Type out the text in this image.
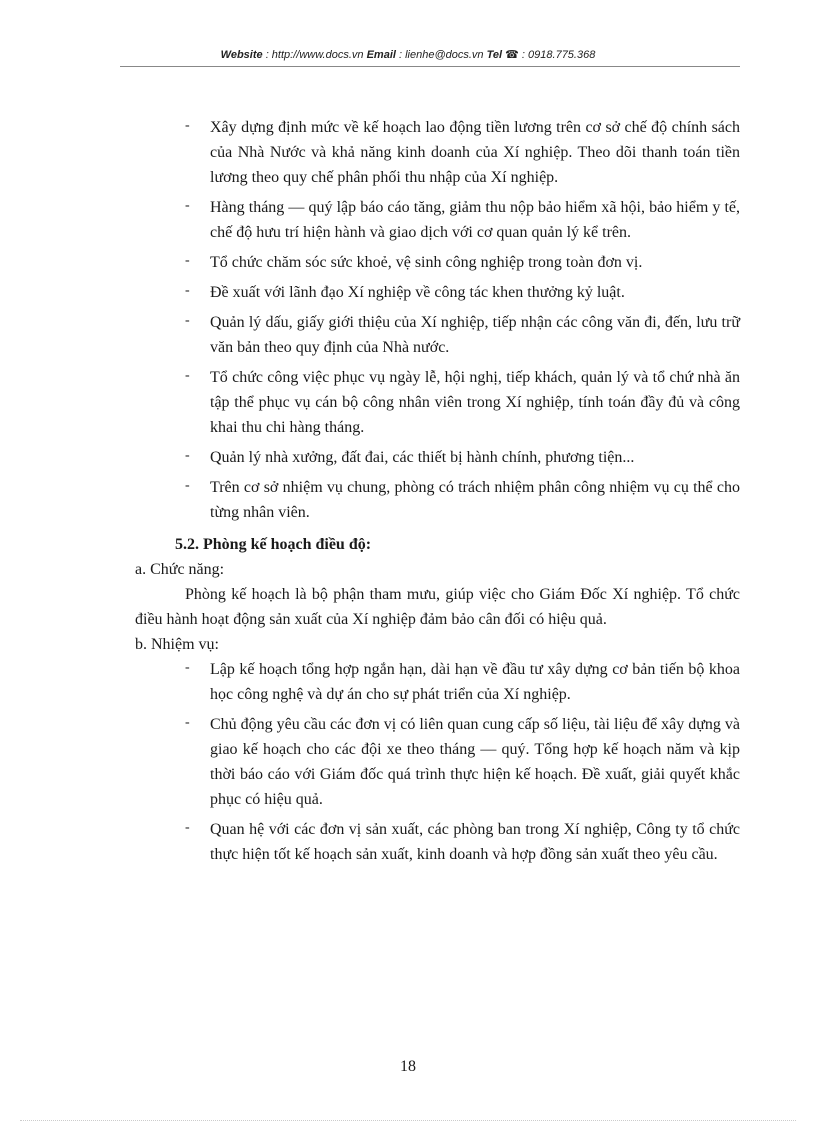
Website : http://www.docs.vn Email : lienhe@docs.vn Tel ☎ : 0918.775.368
- Xây dựng định mức về kế hoạch lao động tiền lương trên cơ sở chế độ chính sách của Nhà Nước và khả năng kinh doanh của Xí nghiệp. Theo dõi thanh toán tiền lương theo quy chế phân phối thu nhập của Xí nghiệp.
- Hàng tháng — quý lập báo cáo tăng, giảm thu nộp bảo hiểm xã hội, bảo hiểm y tế, chế độ hưu trí hiện hành và giao dịch với cơ quan quản lý kể trên.
- Tổ chức chăm sóc sức khoẻ, vệ sinh công nghiệp trong toàn đơn vị.
- Đề xuất với lãnh đạo Xí nghiệp về công tác khen thưởng kỷ luật.
- Quản lý dấu, giấy giới thiệu của Xí nghiệp, tiếp nhận các công văn đi, đến, lưu trữ văn bản theo quy định của Nhà nước.
- Tổ chức công việc phục vụ ngày lễ, hội nghị, tiếp khách, quản lý và tổ chứ nhà ăn tập thể phục vụ cán bộ công nhân viên trong Xí nghiệp, tính toán đầy đủ và công khai thu chi hàng tháng.
- Quản lý nhà xưởng, đất đai, các thiết bị hành chính, phương tiện...
- Trên cơ sở nhiệm vụ chung, phòng có trách nhiệm phân công nhiệm vụ cụ thể cho từng nhân viên.
5.2. Phòng kế hoạch điều độ:
a. Chức năng:

Phòng kế hoạch là bộ phận tham mưu, giúp việc cho Giám Đốc Xí nghiệp. Tổ chức điều hành hoạt động sản xuất của Xí nghiệp đảm bảo cân đối có hiệu quả.

b. Nhiệm vụ:
- Lập kế hoạch tổng hợp ngắn hạn, dài hạn về đầu tư xây dựng cơ bản tiến bộ khoa học công nghệ và dự án cho sự phát triển của Xí nghiệp.
- Chủ động yêu cầu các đơn vị có liên quan cung cấp số liệu, tài liệu để xây dựng và giao kế hoạch cho các đội xe theo tháng — quý. Tổng hợp kế hoạch năm và kịp thời báo cáo với Giám đốc quá trình thực hiện kế hoạch. Đề xuất, giải quyết khắc phục có hiệu quả.
- Quan hệ với các đơn vị sản xuất, các phòng ban trong Xí nghiệp, Công ty tổ chức thực hiện tốt kế hoạch sản xuất, kinh doanh và hợp đồng sản xuất theo yêu cầu.
18
